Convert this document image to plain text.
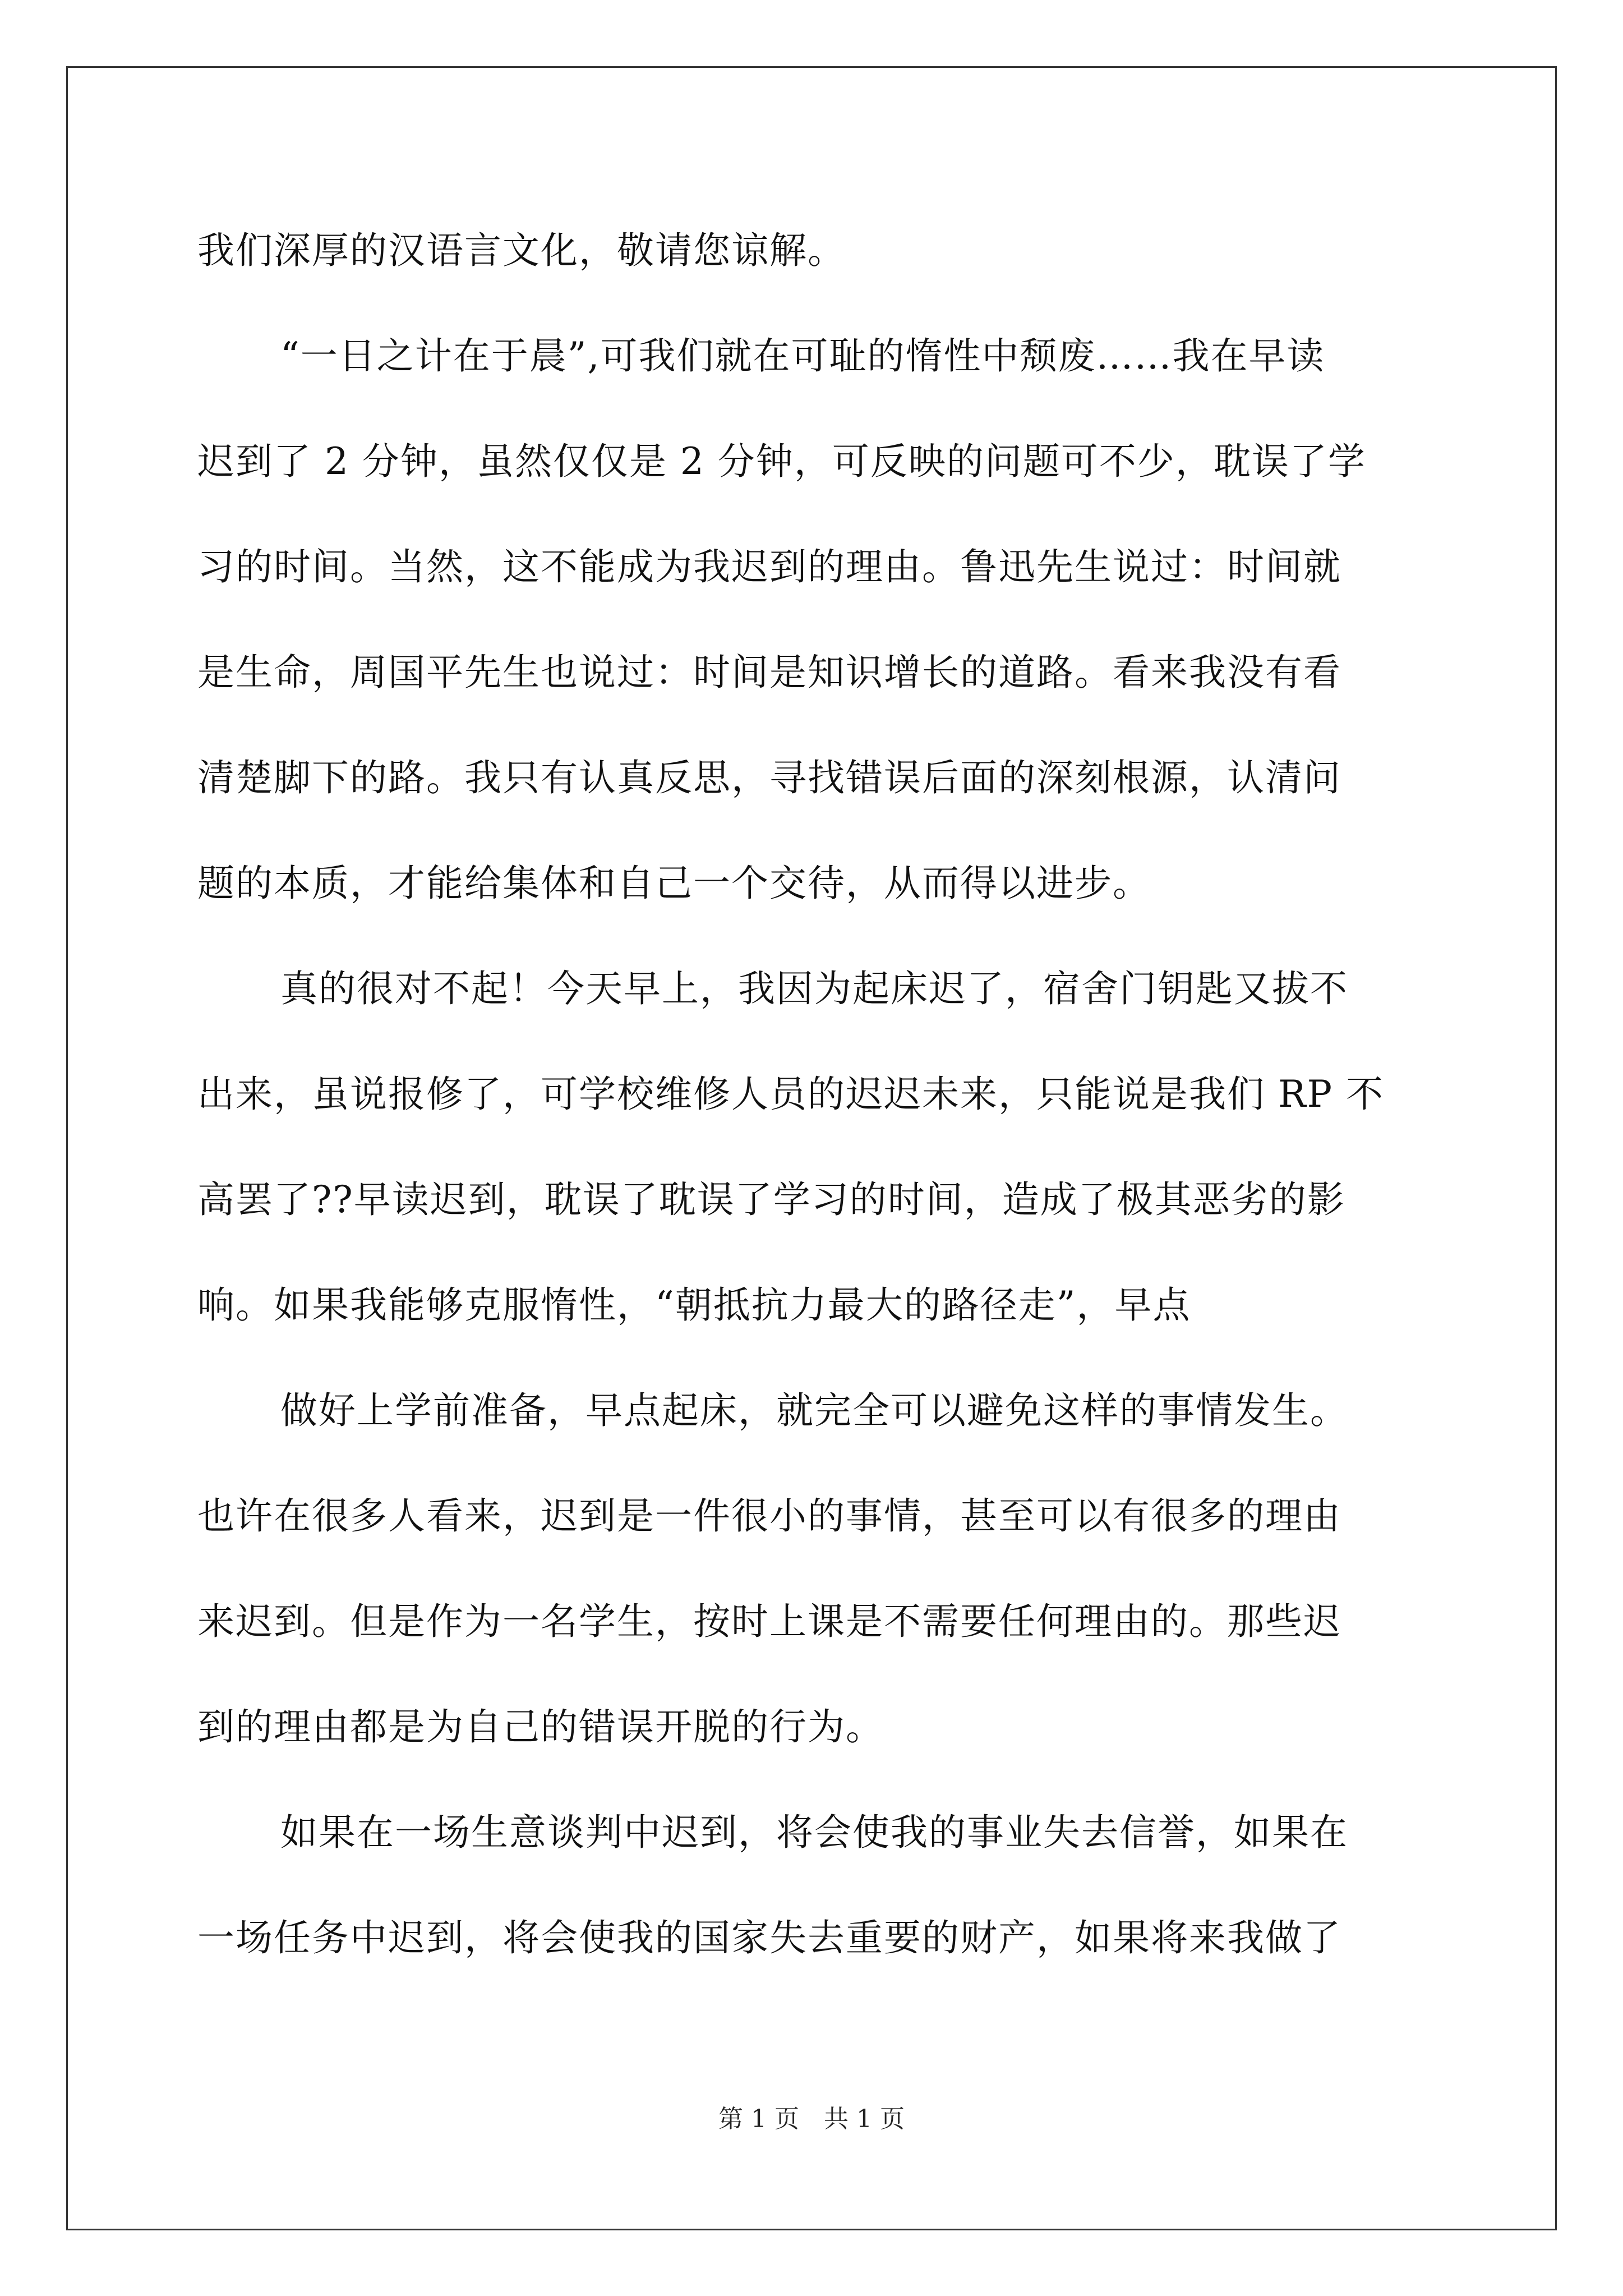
我们深厚的汉语言文化，敬请您谅解。
“一日之计在于晨”,可我们就在可耻的惰性中颓废……我在早读
迟到了 2 分钟，虽然仅仅是 2 分钟，可反映的问题可不少，耽误了学
习的时间。当然，这不能成为我迟到的理由。鲁迅先生说过：时间就
是生命，周国平先生也说过：时间是知识增长的道路。看来我没有看
清楚脚下的路。我只有认真反思，寻找错误后面的深刻根源，认清问
题的本质，才能给集体和自己一个交待，从而得以进步。
真的很对不起！今天早上，我因为起床迟了，宿舍门钥匙又拔不
出来，虽说报修了，可学校维修人员的迟迟未来，只能说是我们 RP 不
高罢了??早读迟到，耽误了耽误了学习的时间，造成了极其恶劣的影
响。如果我能够克服惰性，“朝抵抗力最大的路径走”，早点
做好上学前准备，早点起床，就完全可以避免这样的事情发生。
也许在很多人看来，迟到是一件很小的事情，甚至可以有很多的理由
来迟到。但是作为一名学生，按时上课是不需要任何理由的。那些迟
到的理由都是为自己的错误开脱的行为。
如果在一场生意谈判中迟到，将会使我的事业失去信誉，如果在
一场任务中迟到，将会使我的国家失去重要的财产，如果将来我做了
第 1 页　共 1 页
